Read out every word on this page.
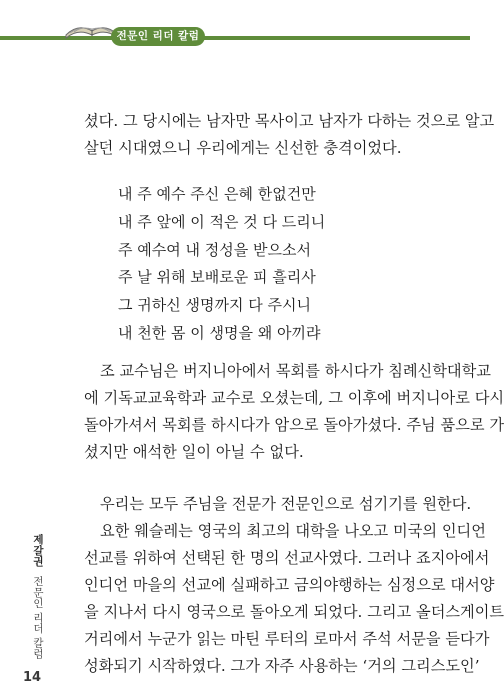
전문인 리더 칼럼
셨다. 그 당시에는 남자만 목사이고 남자가 다하는 것으로 알고
살던 시대였으니 우리에게는 신선한 충격이었다.
내 주 예수 주신 은혜 한없건만
내 주 앞에 이 적은 것 다 드리니
주 예수여 내 정성을 받으소서
주 날 위해 보배로운 피 흘리사
그 귀하신 생명까지 다 주시니
내 천한 몸 이 생명을 왜 아끼랴
조 교수님은 버지니아에서 목회를 하시다가 침례신학대학교
에 기독교교육학과 교수로 오셨는데, 그 이후에 버지니아로 다시
돌아가셔서 목회를 하시다가 암으로 돌아가셨다. 주님 품으로 가
셨지만 애석한 일이 아닐 수 없다.
우리는 모두 주님을 전문가 전문인으로 섬기기를 원한다.
요한 웨슬레는 영국의 최고의 대학을 나오고 미국의 인디언
선교를 위하여 선택된 한 명의 선교사였다. 그러나 죠지아에서
인디언 마을의 선교에 실패하고 금의야행하는 심정으로 대서양
을 지나서 다시 영국으로 돌아오게 되었다. 그리고 올더스게이트
거리에서 누군가 읽는 마틴 루터의 로마서 주석 서문을 듣다가
성화되기 시작하였다. 그가 자주 사용하는 ‘거의 그리스도인’
제갈권 전문인 리더 칼럼
14
